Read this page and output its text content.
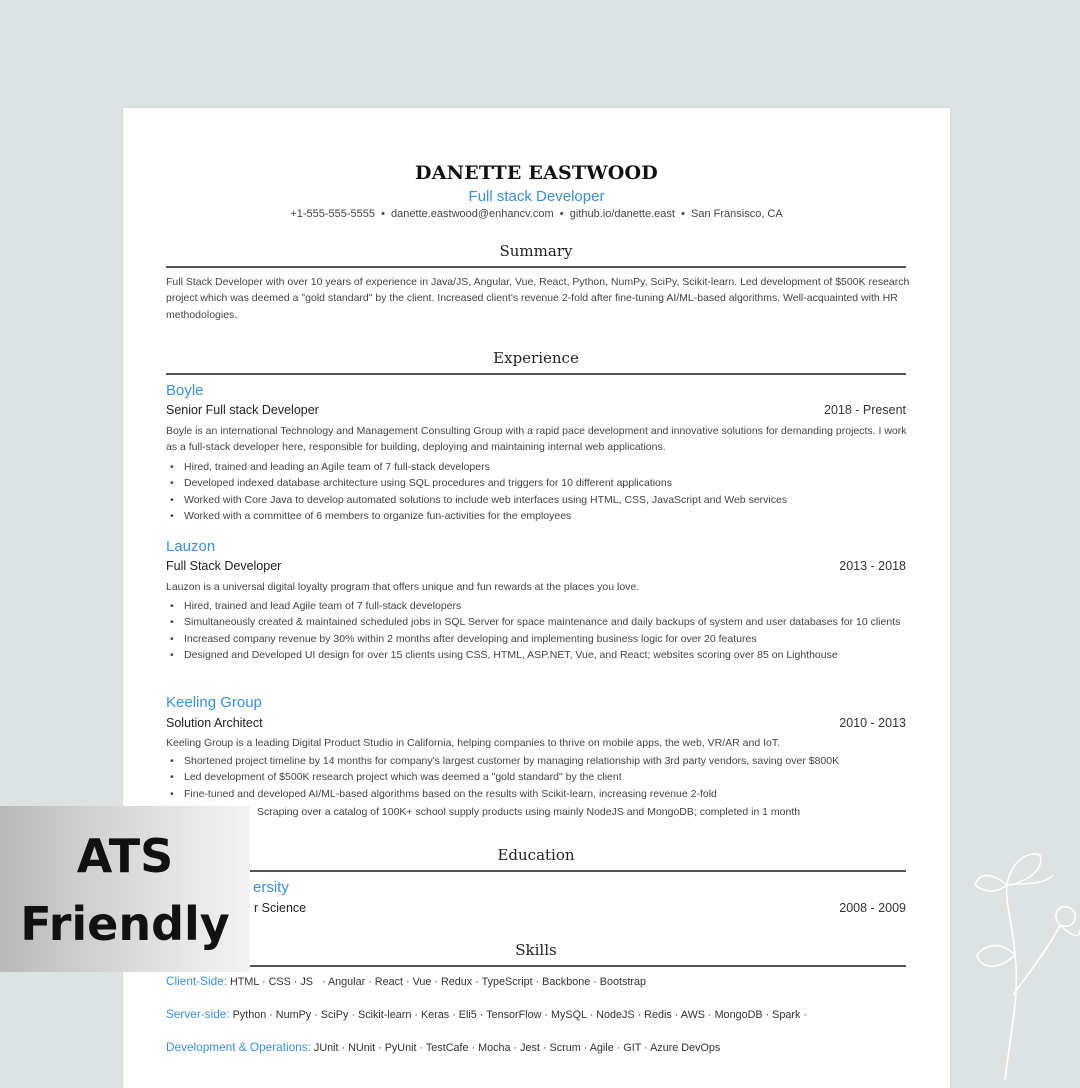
DANETTE EASTWOOD
Full stack Developer
+1-555-555-5555  •  danette.eastwood@enhancv.com  •  github.io/danette.east  •  San Fransisco, CA
Summary
Full Stack Developer with over 10 years of experience in Java/JS, Angular, Vue, React, Python, NumPy, SciPy, Scikit-learn. Led development of $500K research project which was deemed a "gold standard" by the client. Increased client's revenue 2-fold after fine-tuning AI/ML-based algorithms. Well-acquainted with HR methodologies.
Experience
Boyle
Senior Full stack Developer	2018 - Present
Boyle is an international Technology and Management Consulting Group with a rapid pace development and innovative solutions for demanding projects. I work as a full-stack developer here, responsible for building, deploying and maintaining internal web applications.
• Hired, trained and leading an Agile team of 7 full-stack developers
• Developed indexed database architecture using SQL procedures and triggers for 10 different applications
• Worked with Core Java to develop automated solutions to include web interfaces using HTML, CSS, JavaScript and Web services
• Worked with a committee of 6 members to organize fun-activities for the employees
Lauzon
Full Stack Developer	2013 - 2018
Lauzon is a universal digital loyalty program that offers unique and fun rewards at the places you love.
• Hired, trained and lead Agile team of 7 full-stack developers
• Simultaneously created & maintained scheduled jobs in SQL Server for space maintenance and daily backups of system and user databases for 10 clients
• Increased company revenue by 30% within 2 months after developing and implementing business logic for over 20 features
• Designed and Developed UI design for over 15 clients using CSS, HTML, ASP.NET, Vue, and React; websites scoring over 85 on Lighthouse
Keeling Group
Solution Architect	2010 - 2013
Keeling Group is a leading Digital Product Studio in California, helping companies to thrive on mobile apps, the web, VR/AR and IoT.
• Shortened project timeline by 14 months for company's largest customer by managing relationship with 3rd party vendors, saving over $800K
• Led development of $500K research project which was deemed a "gold standard" by the client
• Fine-tuned and developed AI/ML-based algorithms based on the results with Scikit-learn, increasing revenue 2-fold
Scraping over a catalog of 100K+ school supply products using mainly NodeJS and MongoDB; completed in 1 month
Education
ersity
r Science	2008 - 2009
Skills
Client-Side: HTML · CSS · JS   · Angular · React · Vue · Redux · TypeScript · Backbone · Bootstrap
Server-side: Python · NumPy · SciPy · Scikit-learn · Keras · Eli5 · TensorFlow · MySQL · NodeJS · Redis · AWS · MongoDB · Spark ·
Development & Operations: JUnit · NUnit · PyUnit · TestCafe · Mocha · Jest · Scrum · Agile · GIT · Azure DevOps
ATS
Friendly
